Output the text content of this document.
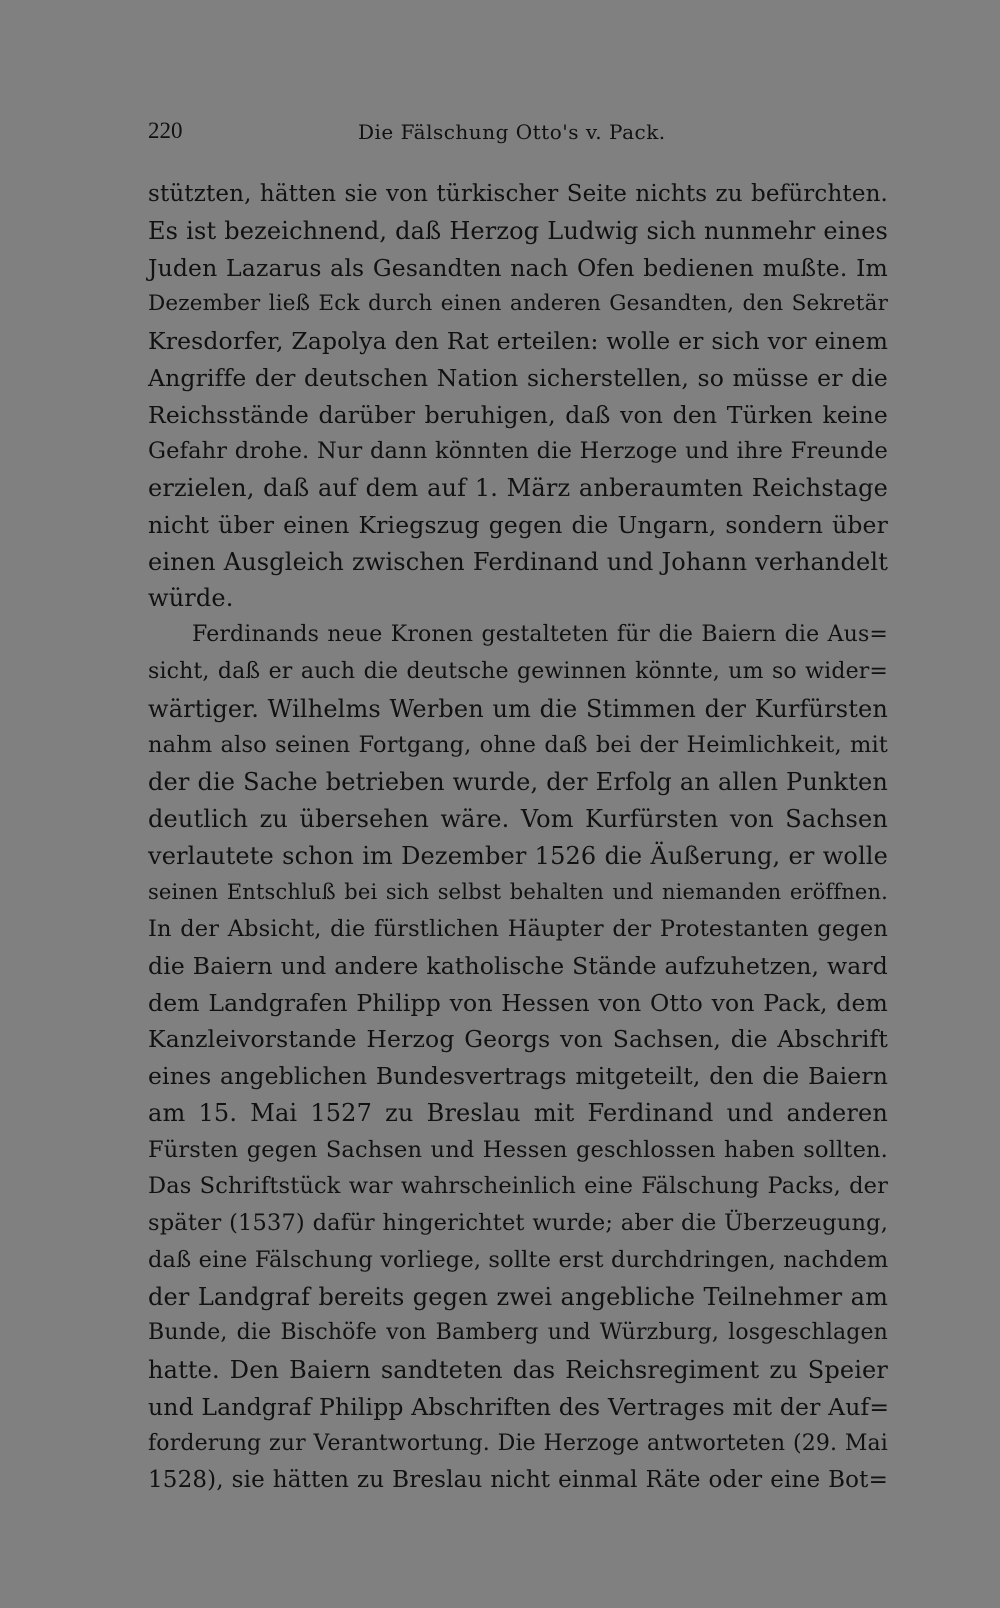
220	Die Fälschung Otto's v. Pack.
stützten, hätten sie von türkischer Seite nichts zu befürchten.
Es ist bezeichnend, daß Herzog Ludwig sich nunmehr eines
Juden Lazarus als Gesandten nach Ofen bedienen mußte. Im
Dezember ließ Eck durch einen anderen Gesandten, den Sekretär
Kresdorfer, Zapolya den Rat erteilen: wolle er sich vor einem
Angriffe der deutschen Nation sicherstellen, so müsse er die
Reichsstände darüber beruhigen, daß von den Türken keine
Gefahr drohe. Nur dann könnten die Herzoge und ihre Freunde
erzielen, daß auf dem auf 1. März anberaumten Reichstage
nicht über einen Kriegszug gegen die Ungarn, sondern über
einen Ausgleich zwischen Ferdinand und Johann verhandelt
würde.
Ferdinands neue Kronen gestalteten für die Baiern die Aus=
sicht, daß er auch die deutsche gewinnen könnte, um so wider=
wärtiger. Wilhelms Werben um die Stimmen der Kurfürsten
nahm also seinen Fortgang, ohne daß bei der Heimlichkeit, mit
der die Sache betrieben wurde, der Erfolg an allen Punkten
deutlich zu übersehen wäre. Vom Kurfürsten von Sachsen
verlautete schon im Dezember 1526 die Äußerung, er wolle
seinen Entschluß bei sich selbst behalten und niemanden eröffnen.
In der Absicht, die fürstlichen Häupter der Protestanten gegen
die Baiern und andere katholische Stände aufzuhetzen, ward
dem Landgrafen Philipp von Hessen von Otto von Pack, dem
Kanzleivorstande Herzog Georgs von Sachsen, die Abschrift
eines angeblichen Bundesvertrags mitgeteilt, den die Baiern
am 15. Mai 1527 zu Breslau mit Ferdinand und anderen
Fürsten gegen Sachsen und Hessen geschlossen haben sollten.
Das Schriftstück war wahrscheinlich eine Fälschung Packs, der
später (1537) dafür hingerichtet wurde; aber die Überzeugung,
daß eine Fälschung vorliege, sollte erst durchdringen, nachdem
der Landgraf bereits gegen zwei angebliche Teilnehmer am
Bunde, die Bischöfe von Bamberg und Würzburg, losgeschlagen
hatte. Den Baiern sandteten das Reichsregiment zu Speier
und Landgraf Philipp Abschriften des Vertrages mit der Auf=
forderung zur Verantwortung. Die Herzoge antworteten (29. Mai
1528), sie hätten zu Breslau nicht einmal Räte oder eine Bot=
